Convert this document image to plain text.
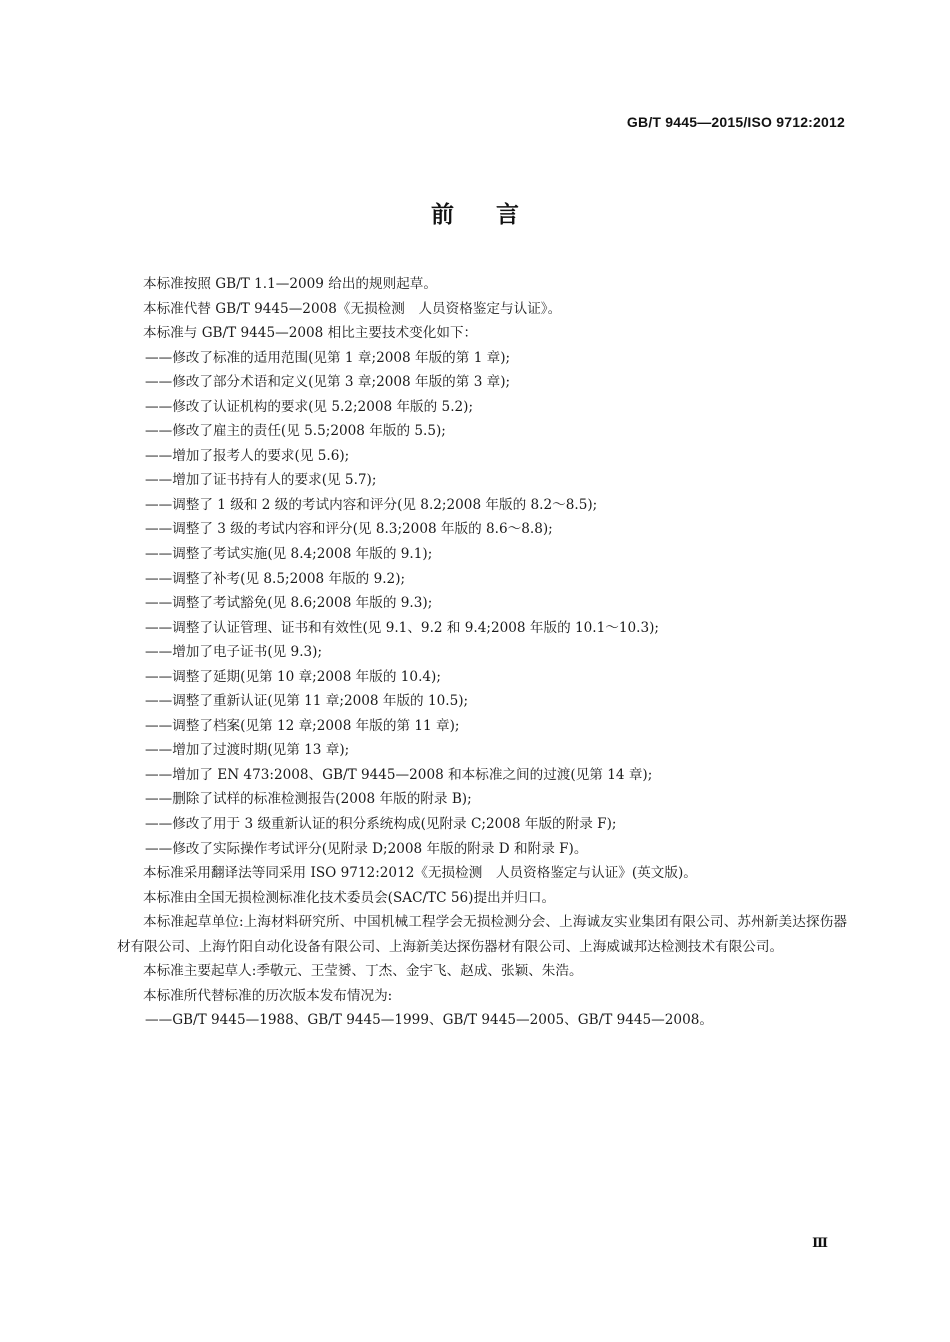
GB/T 9445—2015/ISO 9712:2012
前言

本标准按照 GB/T 1.1—2009 给出的规则起草。

本标准代替 GB/T 9445—2008《无损检测　人员资格鉴定与认证》。

本标准与 GB/T 9445—2008 相比主要技术变化如下：

——修改了标准的适用范围(见第 1 章;2008 年版的第 1 章);

——修改了部分术语和定义(见第 3 章;2008 年版的第 3 章);

——修改了认证机构的要求(见 5.2;2008 年版的 5.2);

——修改了雇主的责任(见 5.5;2008 年版的 5.5);

——增加了报考人的要求(见 5.6);

——增加了证书持有人的要求(见 5.7);

——调整了 1 级和 2 级的考试内容和评分(见 8.2;2008 年版的 8.2～8.5);

——调整了 3 级的考试内容和评分(见 8.3;2008 年版的 8.6～8.8);

——调整了考试实施(见 8.4;2008 年版的 9.1);

——调整了补考(见 8.5;2008 年版的 9.2);

——调整了考试豁免(见 8.6;2008 年版的 9.3);

——调整了认证管理、证书和有效性(见 9.1、9.2 和 9.4;2008 年版的 10.1～10.3);

——增加了电子证书(见 9.3);

——调整了延期(见第 10 章;2008 年版的 10.4);

——调整了重新认证(见第 11 章;2008 年版的 10.5);

——调整了档案(见第 12 章;2008 年版的第 11 章);

——增加了过渡时期(见第 13 章);

——增加了 EN 473:2008、GB/T 9445—2008 和本标准之间的过渡(见第 14 章);

——删除了试样的标准检测报告(2008 年版的附录 B);

——修改了用于 3 级重新认证的积分系统构成(见附录 C;2008 年版的附录 F);

——修改了实际操作考试评分(见附录 D;2008 年版的附录 D 和附录 F)。

本标准采用翻译法等同采用 ISO 9712:2012《无损检测　人员资格鉴定与认证》(英文版)。

本标准由全国无损检测标准化技术委员会(SAC/TC 56)提出并归口。

本标准起草单位:上海材料研究所、中国机械工程学会无损检测分会、上海诚友实业集团有限公司、苏州新美达探伤器材有限公司、上海竹阳自动化设备有限公司、上海新美达探伤器材有限公司、上海威诚邦达检测技术有限公司。

本标准主要起草人:季敬元、王莹赟、丁杰、金宇飞、赵成、张颖、朱浩。

本标准所代替标准的历次版本发布情况为:

——GB/T 9445—1988、GB/T 9445—1999、GB/T 9445—2005、GB/T 9445—2008。

Ⅲ
